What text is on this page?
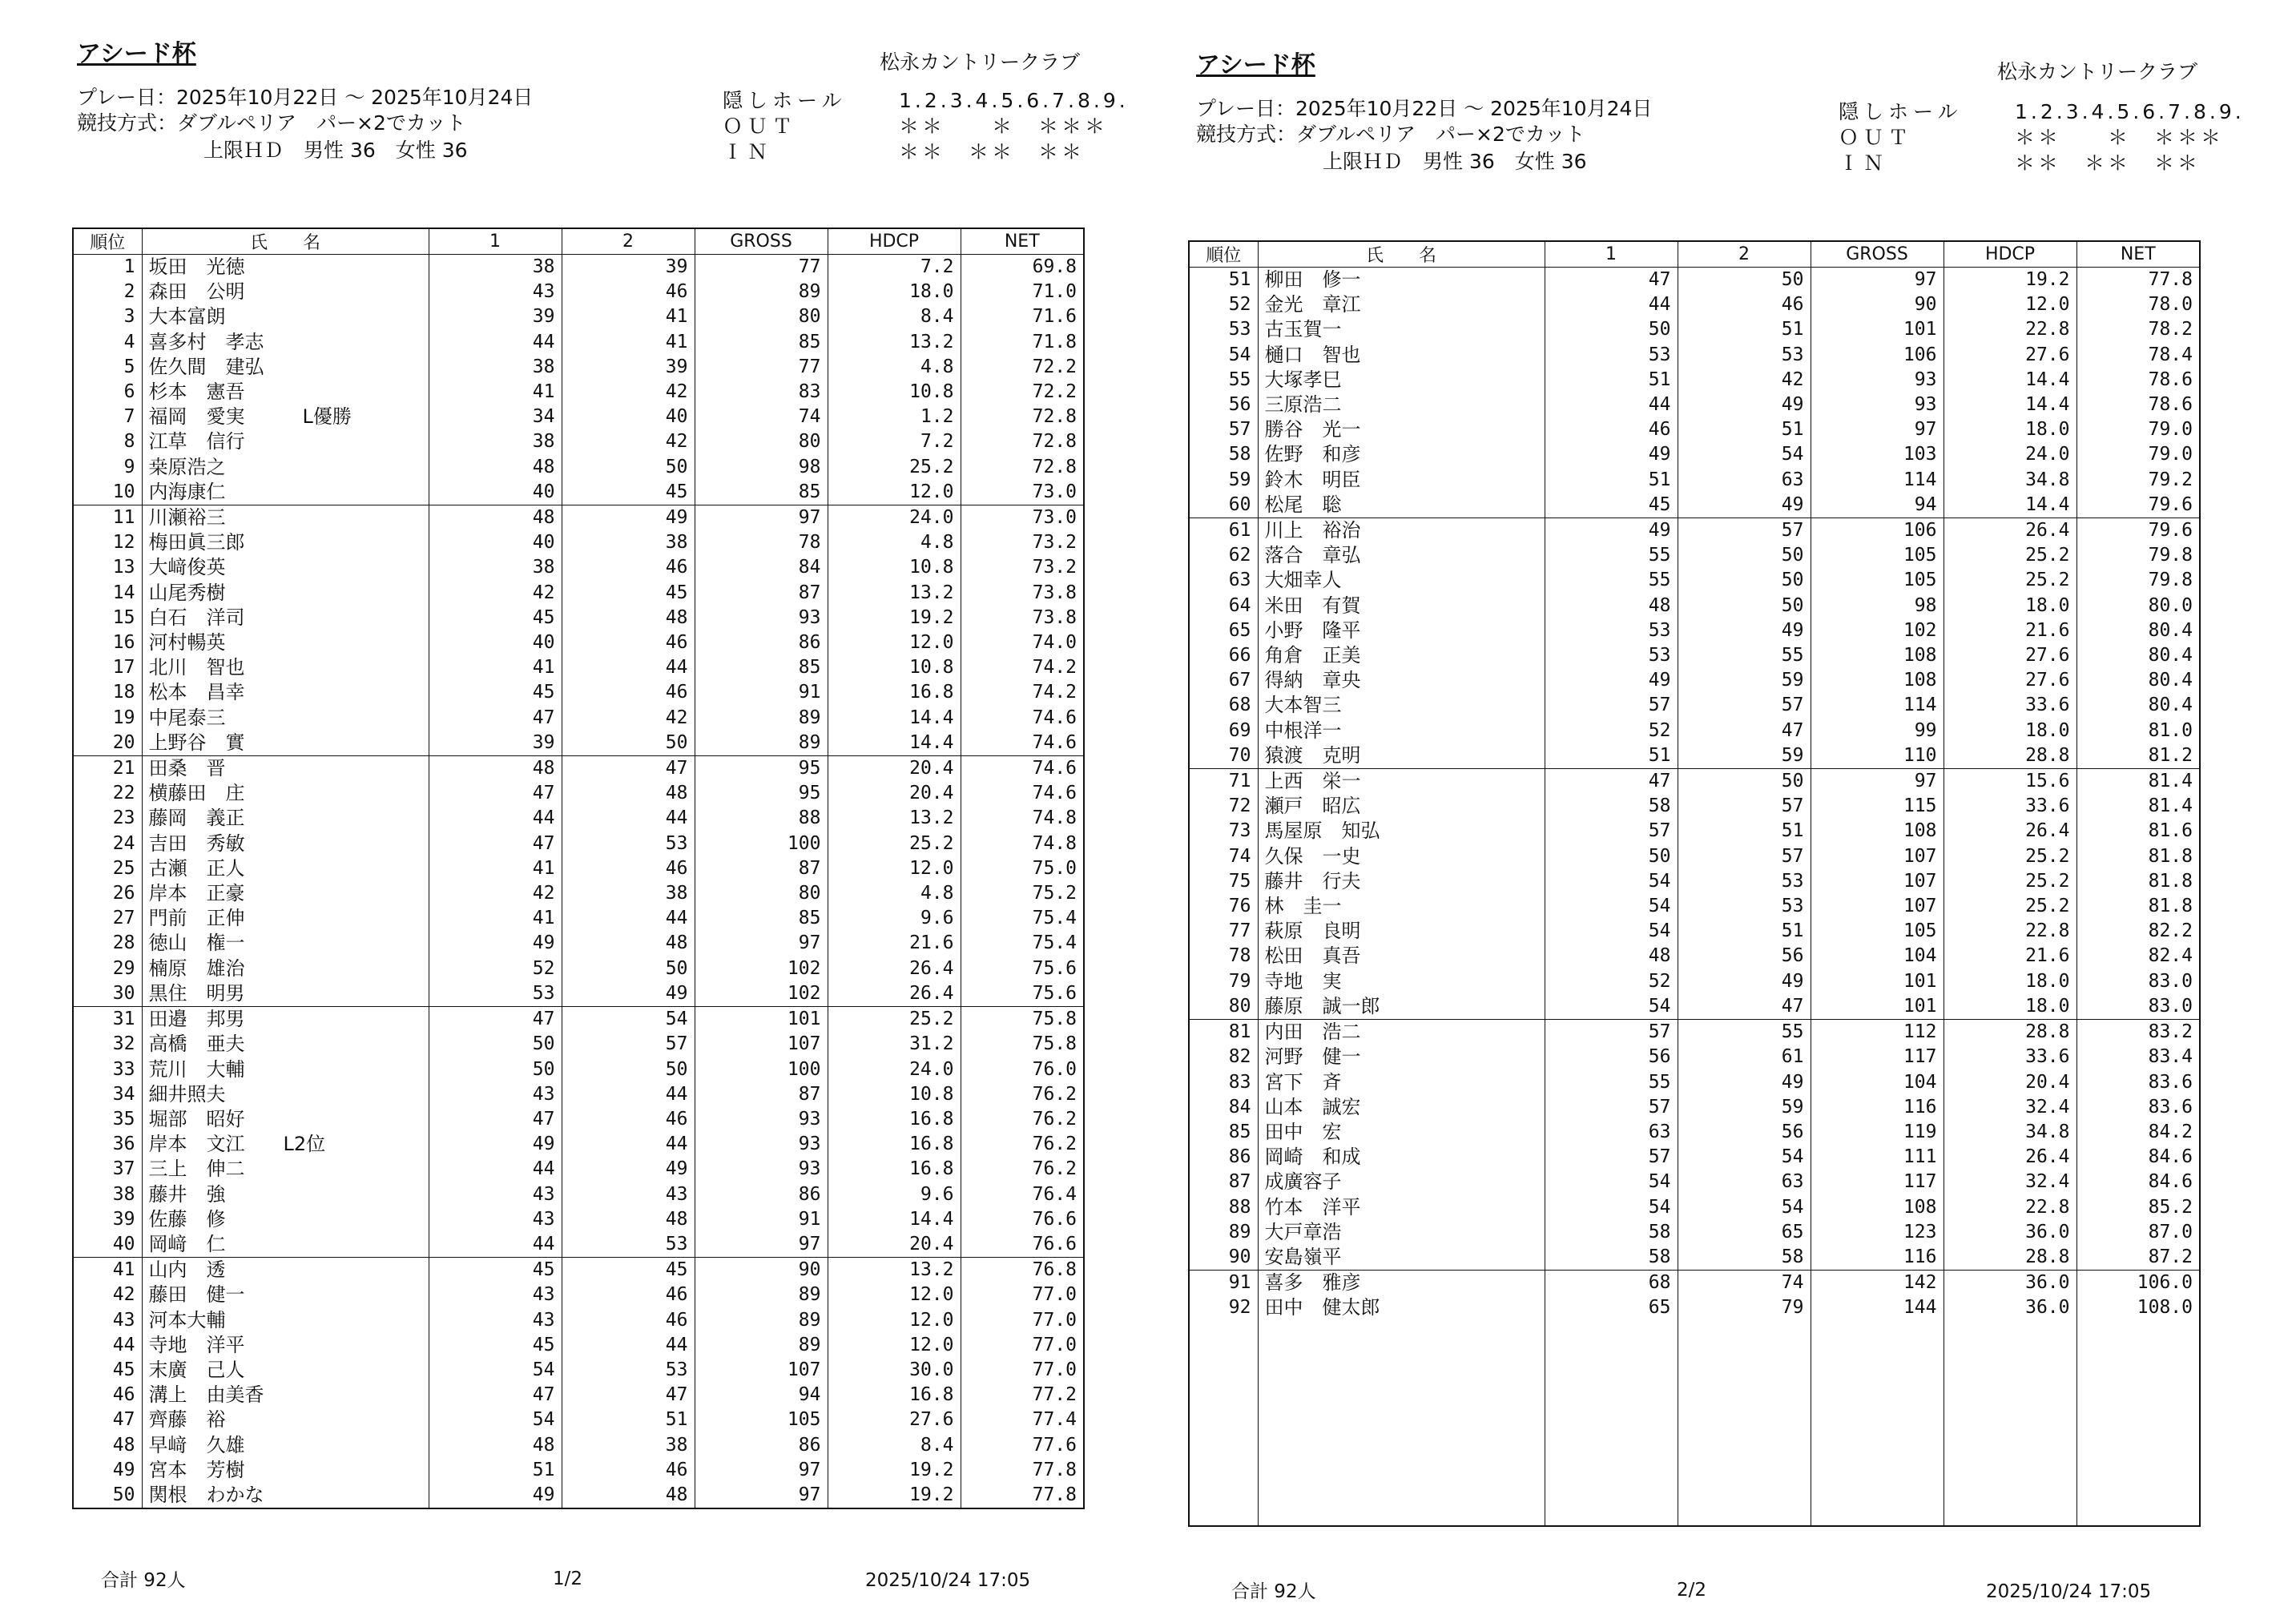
アシード杯	松永カントリークラブ
プレー日：2025年10月22日 ～ 2025年10月24日
競技方式：ダブルペリア　パー×2でカット
上限ＨＤ　男性 36　女性 36
隠しホール	1.2.3.4.5.6.7.8.9.
ＯＵＴ	＊＊　　＊　＊＊＊
ＩＮ	＊＊　＊＊　＊＊
順位	氏　　名	1	2	GROSS	HDCP	NET
1	坂田　光徳	38	39	77	7.2	69.8
2	森田　公明	43	46	89	18.0	71.0
3	大本富朗	39	41	80	8.4	71.6
4	喜多村　孝志	44	41	85	13.2	71.8
5	佐久間　建弘	38	39	77	4.8	72.2
6	杉本　憲吾	41	42	83	10.8	72.2
7	福岡　愛実　　　L優勝	34	40	74	1.2	72.8
8	江草　信行	38	42	80	7.2	72.8
9	桒原浩之	48	50	98	25.2	72.8
10	内海康仁	40	45	85	12.0	73.0
11	川瀬裕三	48	49	97	24.0	73.0
12	梅田眞三郎	40	38	78	4.8	73.2
13	大﨑俊英	38	46	84	10.8	73.2
14	山尾秀樹	42	45	87	13.2	73.8
15	白石　洋司	45	48	93	19.2	73.8
16	河村暢英	40	46	86	12.0	74.0
17	北川　智也	41	44	85	10.8	74.2
18	松本　昌幸	45	46	91	16.8	74.2
19	中尾泰三	47	42	89	14.4	74.6
20	上野谷　實	39	50	89	14.4	74.6
21	田桑　晋	48	47	95	20.4	74.6
22	横藤田　庄	47	48	95	20.4	74.6
23	藤岡　義正	44	44	88	13.2	74.8
24	吉田　秀敏	47	53	100	25.2	74.8
25	古瀬　正人	41	46	87	12.0	75.0
26	岸本　正豪	42	38	80	4.8	75.2
27	門前　正伸	41	44	85	9.6	75.4
28	徳山　権一	49	48	97	21.6	75.4
29	楠原　雄治	52	50	102	26.4	75.6
30	黒住　明男	53	49	102	26.4	75.6
31	田邉　邦男	47	54	101	25.2	75.8
32	高橋　亜夫	50	57	107	31.2	75.8
33	荒川　大輔	50	50	100	24.0	76.0
34	細井照夫	43	44	87	10.8	76.2
35	堀部　昭好	47	46	93	16.8	76.2
36	岸本　文江　　L2位	49	44	93	16.8	76.2
37	三上　伸二	44	49	93	16.8	76.2
38	藤井　強	43	43	86	9.6	76.4
39	佐藤　修	43	48	91	14.4	76.6
40	岡﨑　仁	44	53	97	20.4	76.6
41	山内　透	45	45	90	13.2	76.8
42	藤田　健一	43	46	89	12.0	77.0
43	河本大輔	43	46	89	12.0	77.0
44	寺地　洋平	45	44	89	12.0	77.0
45	末廣　己人	54	53	107	30.0	77.0
46	溝上　由美香	47	47	94	16.8	77.2
47	齊藤　裕	54	51	105	27.6	77.4
48	早﨑　久雄	48	38	86	8.4	77.6
49	宮本　芳樹	51	46	97	19.2	77.8
50	関根　わかな	49	48	97	19.2	77.8
合計 92人	1/2	2025/10/24 17:05
アシード杯	松永カントリークラブ
プレー日：2025年10月22日 ～ 2025年10月24日
競技方式：ダブルペリア　パー×2でカット
上限ＨＤ　男性 36　女性 36
隠しホール	1.2.3.4.5.6.7.8.9.
ＯＵＴ	＊＊　　＊　＊＊＊
ＩＮ	＊＊　＊＊　＊＊
順位	氏　　名	1	2	GROSS	HDCP	NET
51	柳田　修一	47	50	97	19.2	77.8
52	金光　章江	44	46	90	12.0	78.0
53	古玉賀一	50	51	101	22.8	78.2
54	樋口　智也	53	53	106	27.6	78.4
55	大塚孝巳	51	42	93	14.4	78.6
56	三原浩二	44	49	93	14.4	78.6
57	勝谷　光一	46	51	97	18.0	79.0
58	佐野　和彦	49	54	103	24.0	79.0
59	鈴木　明臣	51	63	114	34.8	79.2
60	松尾　聡	45	49	94	14.4	79.6
61	川上　裕治	49	57	106	26.4	79.6
62	落合　章弘	55	50	105	25.2	79.8
63	大畑幸人	55	50	105	25.2	79.8
64	米田　有賀	48	50	98	18.0	80.0
65	小野　隆平	53	49	102	21.6	80.4
66	角倉　正美	53	55	108	27.6	80.4
67	得納　章央	49	59	108	27.6	80.4
68	大本智三	57	57	114	33.6	80.4
69	中根洋一	52	47	99	18.0	81.0
70	猿渡　克明	51	59	110	28.8	81.2
71	上西　栄一	47	50	97	15.6	81.4
72	瀬戸　昭広	58	57	115	33.6	81.4
73	馬屋原　知弘	57	51	108	26.4	81.6
74	久保　一史	50	57	107	25.2	81.8
75	藤井　行夫	54	53	107	25.2	81.8
76	林　圭一	54	53	107	25.2	81.8
77	萩原　良明	54	51	105	22.8	82.2
78	松田　真吾	48	56	104	21.6	82.4
79	寺地　実	52	49	101	18.0	83.0
80	藤原　誠一郎	54	47	101	18.0	83.0
81	内田　浩二	57	55	112	28.8	83.2
82	河野　健一	56	61	117	33.6	83.4
83	宮下　斉	55	49	104	20.4	83.6
84	山本　誠宏	57	59	116	32.4	83.6
85	田中　宏	63	56	119	34.8	84.2
86	岡崎　和成	57	54	111	26.4	84.6
87	成廣容子	54	63	117	32.4	84.6
88	竹本　洋平	54	54	108	22.8	85.2
89	大戸章浩	58	65	123	36.0	87.0
90	安島嶺平	58	58	116	28.8	87.2
91	喜多　雅彦	68	74	142	36.0	106.0
92	田中　健太郎	65	79	144	36.0	108.0

合計 92人	2/2	2025/10/24 17:05
